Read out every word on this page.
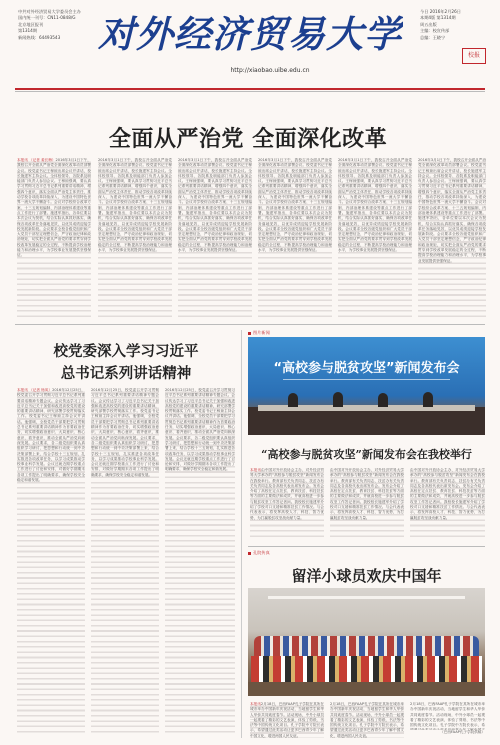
中共对外经济贸易大学委员会主办
国内统一刊号：CN11-0848/G
北京地区报刊
第1314期
新闻热线：64493543	对外经济贸易大学
http://xiaobao.uibe.edu.cn
今日 2016年2月26日
本期4版 第1314期
周五出版
主编：校宣传部
总编：王晓宁
校报
全面从严治党 全面深化改革
本报讯 （记者 姜长梅）2016年3月1日下午，我校召开全面从严治党全面深化改革动员部署会议。校党委书记王稼琼出席会议并讲话，校长施建军主持会议。全体校领导、各院系及职能部门负责人参加会议。王稼琼强调，要认真学习贯彻习近平总书记系列重要讲话精神，增强四个意识，落实全面从严治党主体责任，推动学校各项改革持续深入，为建设中国特色世界一流大学不懈奋斗。会议对学校综合改革方案、十三五规划编制、内部治理体系建设等重点工作进行了部署。施建军指出，各单位要以本次会议为契机，结合实际认真抓好落实，确保各项改革任务落地见效，以优异成绩迎接学校发展新阶段。会议要求全校各级党组织和广大党员干部坚定理想信念，严守政治纪律和政治规矩，切实把全面从严治党的要求贯穿到学校改革发展稳定的全过程，不断提高学校治理能力和治理水平，为学校事业发展提供坚强保证。
2016年3月1日下午，我校召开全面从严治党全面深化改革动员部署会议。校党委书记王稼琼出席会议并讲话，校长施建军主持会议。全体校领导、各院系及职能部门负责人参加会议。王稼琼强调，要认真学习贯彻习近平总书记系列重要讲话精神，增强四个意识，落实全面从严治党主体责任，推动学校各项改革持续深入，为建设中国特色世界一流大学不懈奋斗。会议对学校综合改革方案、十三五规划编制、内部治理体系建设等重点工作进行了部署。施建军指出，各单位要以本次会议为契机，结合实际认真抓好落实，确保各项改革任务落地见效，以优异成绩迎接学校发展新阶段。会议要求全校各级党组织和广大党员干部坚定理想信念，严守政治纪律和政治规矩，切实把全面从严治党的要求贯穿到学校改革发展稳定的全过程，不断提高学校治理能力和治理水平，为学校事业发展提供坚强保证。
2016年3月1日下午，我校召开全面从严治党全面深化改革动员部署会议。校党委书记王稼琼出席会议并讲话，校长施建军主持会议。全体校领导、各院系及职能部门负责人参加会议。王稼琼强调，要认真学习贯彻习近平总书记系列重要讲话精神，增强四个意识，落实全面从严治党主体责任，推动学校各项改革持续深入，为建设中国特色世界一流大学不懈奋斗。会议对学校综合改革方案、十三五规划编制、内部治理体系建设等重点工作进行了部署。施建军指出，各单位要以本次会议为契机，结合实际认真抓好落实，确保各项改革任务落地见效，以优异成绩迎接学校发展新阶段。会议要求全校各级党组织和广大党员干部坚定理想信念，严守政治纪律和政治规矩，切实把全面从严治党的要求贯穿到学校改革发展稳定的全过程，不断提高学校治理能力和治理水平，为学校事业发展提供坚强保证。
2016年3月1日下午，我校召开全面从严治党全面深化改革动员部署会议。校党委书记王稼琼出席会议并讲话，校长施建军主持会议。全体校领导、各院系及职能部门负责人参加会议。王稼琼强调，要认真学习贯彻习近平总书记系列重要讲话精神，增强四个意识，落实全面从严治党主体责任，推动学校各项改革持续深入，为建设中国特色世界一流大学不懈奋斗。会议对学校综合改革方案、十三五规划编制、内部治理体系建设等重点工作进行了部署。施建军指出，各单位要以本次会议为契机，结合实际认真抓好落实，确保各项改革任务落地见效，以优异成绩迎接学校发展新阶段。会议要求全校各级党组织和广大党员干部坚定理想信念，严守政治纪律和政治规矩，切实把全面从严治党的要求贯穿到学校改革发展稳定的全过程，不断提高学校治理能力和治理水平，为学校事业发展提供坚强保证。
2016年3月1日下午，我校召开全面从严治党全面深化改革动员部署会议。校党委书记王稼琼出席会议并讲话，校长施建军主持会议。全体校领导、各院系及职能部门负责人参加会议。王稼琼强调，要认真学习贯彻习近平总书记系列重要讲话精神，增强四个意识，落实全面从严治党主体责任，推动学校各项改革持续深入，为建设中国特色世界一流大学不懈奋斗。会议对学校综合改革方案、十三五规划编制、内部治理体系建设等重点工作进行了部署。施建军指出，各单位要以本次会议为契机，结合实际认真抓好落实，确保各项改革任务落地见效，以优异成绩迎接学校发展新阶段。会议要求全校各级党组织和广大党员干部坚定理想信念，严守政治纪律和政治规矩，切实把全面从严治党的要求贯穿到学校改革发展稳定的全过程，不断提高学校治理能力和治理水平，为学校事业发展提供坚强保证。
2016年3月1日下午，我校召开全面从严治党全面深化改革动员部署会议。校党委书记王稼琼出席会议并讲话，校长施建军主持会议。全体校领导、各院系及职能部门负责人参加会议。王稼琼强调，要认真学习贯彻习近平总书记系列重要讲话精神，增强四个意识，落实全面从严治党主体责任，推动学校各项改革持续深入，为建设中国特色世界一流大学不懈奋斗。会议对学校综合改革方案、十三五规划编制、内部治理体系建设等重点工作进行了部署。施建军指出，各单位要以本次会议为契机，结合实际认真抓好落实，确保各项改革任务落地见效，以优异成绩迎接学校发展新阶段。会议要求全校各级党组织和广大党员干部坚定理想信念，严守政治纪律和政治规矩，切实把全面从严治党的要求贯穿到学校改革发展稳定的全过程，不断提高学校治理能力和治理水平，为学校事业发展提供坚强保证。
校党委深入学习习近平
总书记系列讲话精神
本报讯 （记者 杨凤）2016年12月25日，校党委召开学习贯彻习近平总书记系列重要讲话精神专题会议。会议传达学习了习近平总书记关于加强和改进高校党的建设的重要讲话精神，研究部署学校贯彻落实工作。校党委书记王稼琼主持会议并讲话。他强调，全校党员干部要把学习贯彻总书记系列重要讲话精神作为首要政治任务，切实增强政治意识、大局意识、核心意识、看齐意识，推动全面从严治党向纵深发展。会议要求，各二级党组织要认真组织学习研讨，把思想和行动统一到中央决策部署上来，结合学校十三五规划，扎实推进各项改革任务，以学习成果推动学校事业科学发展。会议还就近期学校重点工作进行了讨论和安排，对做好学期期末各项工作提出了明确要求，确保学校安全稳定和谐发展。
2016年12月25日，校党委召开学习贯彻习近平总书记系列重要讲话精神专题会议。会议传达学习了习近平总书记关于加强和改进高校党的建设的重要讲话精神，研究部署学校贯彻落实工作。校党委书记王稼琼主持会议并讲话。他强调，全校党员干部要把学习贯彻总书记系列重要讲话精神作为首要政治任务，切实增强政治意识、大局意识、核心意识、看齐意识，推动全面从严治党向纵深发展。会议要求，各二级党组织要认真组织学习研讨，把思想和行动统一到中央决策部署上来，结合学校十三五规划，扎实推进各项改革任务，以学习成果推动学校事业科学发展。会议还就近期学校重点工作进行了讨论和安排，对做好学期期末各项工作提出了明确要求，确保学校安全稳定和谐发展。
2016年12月25日，校党委召开学习贯彻习近平总书记系列重要讲话精神专题会议。会议传达学习了习近平总书记关于加强和改进高校党的建设的重要讲话精神，研究部署学校贯彻落实工作。校党委书记王稼琼主持会议并讲话。他强调，全校党员干部要把学习贯彻总书记系列重要讲话精神作为首要政治任务，切实增强政治意识、大局意识、核心意识、看齐意识，推动全面从严治党向纵深发展。会议要求，各二级党组织要认真组织学习研讨，把思想和行动统一到中央决策部署上来，结合学校十三五规划，扎实推进各项改革任务，以学习成果推动学校事业科学发展。会议还就近期学校重点工作进行了讨论和安排，对做好学期期末各项工作提出了明确要求，确保学校安全稳定和谐发展。
图片新闻
“高校参与脱贫攻坚”新闻发布会
“高校参与脱贫攻坚”新闻发布会在我校举行
本报讯由中国对外开放协会主办、对外经济贸易大学承办的“高校参与脱贫攻坚”新闻发布会在我校举行。教育部有关负责同志、扶贫办有关负责同志及各高校代表出席发布会。发布会介绍了高校在定点扶贫、教育扶贫、科技扶贫等方面的主要做法和成效，并就高校进一步参与脱贫攻坚工作答记者问。我校校长施建军介绍了学校对口支援和精准扶贫工作情况。与会代表表示，将发挥高校人才、科技、智力优势，为打赢脱贫攻坚战贡献力量。
由中国对外开放协会主办、对外经济贸易大学承办的“高校参与脱贫攻坚”新闻发布会在我校举行。教育部有关负责同志、扶贫办有关负责同志及各高校代表出席发布会。发布会介绍了高校在定点扶贫、教育扶贫、科技扶贫等方面的主要做法和成效，并就高校进一步参与脱贫攻坚工作答记者问。我校校长施建军介绍了学校对口支援和精准扶贫工作情况。与会代表表示，将发挥高校人才、科技、智力优势，为打赢脱贫攻坚战贡献力量。
由中国对外开放协会主办、对外经济贸易大学承办的“高校参与脱贫攻坚”新闻发布会在我校举行。教育部有关负责同志、扶贫办有关负责同志及各高校代表出席发布会。发布会介绍了高校在定点扶贫、教育扶贫、科技扶贫等方面的主要做法和成效，并就高校进一步参与脱贫攻坚工作答记者问。我校校长施建军介绍了学校对口支援和精准扶贫工作情况。与会代表表示，将发挥高校人才、科技、智力优势，为打赢脱贫攻坚战贡献力量。
孔院传真
留洋小球员欢庆中国年
本报讯2月18日，巴西FAAP孔子学院在其所在城市举办中国新年庆祝活动，当地留学生和华人华侨共同欢度春节。活动现场，中外小球员一起观看了精彩的文艺表演，体验了剪纸、书法等中国传统文化项目。孔子学院中方院长表示，希望通过此类活动让更多巴西青少年了解中国文化，增进两国人民友谊。
2月18日，巴西FAAP孔子学院在其所在城市举办中国新年庆祝活动，当地留学生和华人华侨共同欢度春节。活动现场，中外小球员一起观看了精彩的文艺表演，体验了剪纸、书法等中国传统文化项目。孔子学院中方院长表示，希望通过此类活动让更多巴西青少年了解中国文化，增进两国人民友谊。
2月18日，巴西FAAP孔子学院在其所在城市举办中国新年庆祝活动，当地留学生和华人华侨共同欢度春节。活动现场，中外小球员一起观看了精彩的文艺表演，体验了剪纸、书法等中国传统文化项目。孔子学院中方院长表示，希
（巴西FAAP孔子学院供稿）
